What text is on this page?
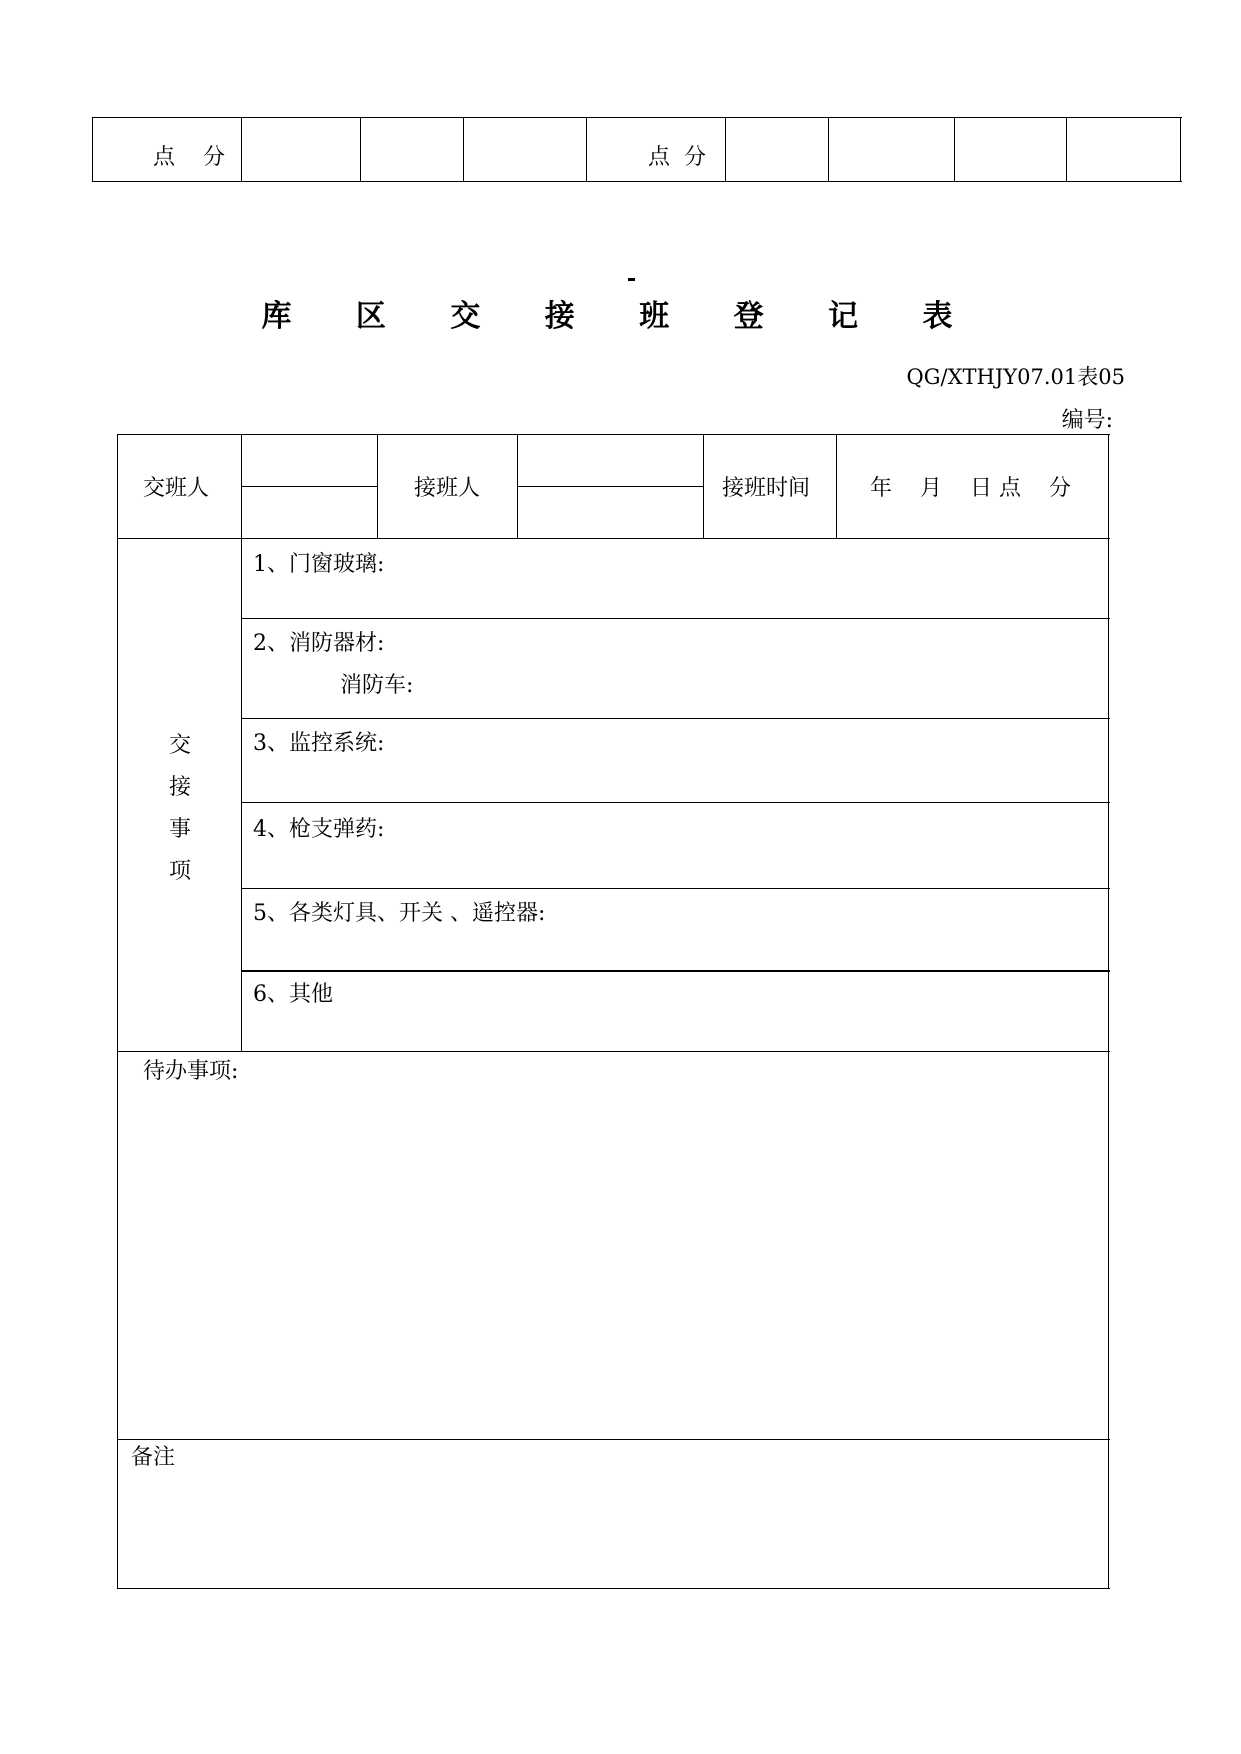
点    分	点  分
库 区 交 接 班 登 记 表
QG/XTHJY07.01表05
编号:
交班人	接班人	接班时间	年    月    日 点    分
交
接
事
项
1、门窗玻璃:
2、消防器材:
消防车:
3、监控系统:
4、枪支弹药:
5、各类灯具、开关 、遥控器:
6、其他
待办事项:
备注
